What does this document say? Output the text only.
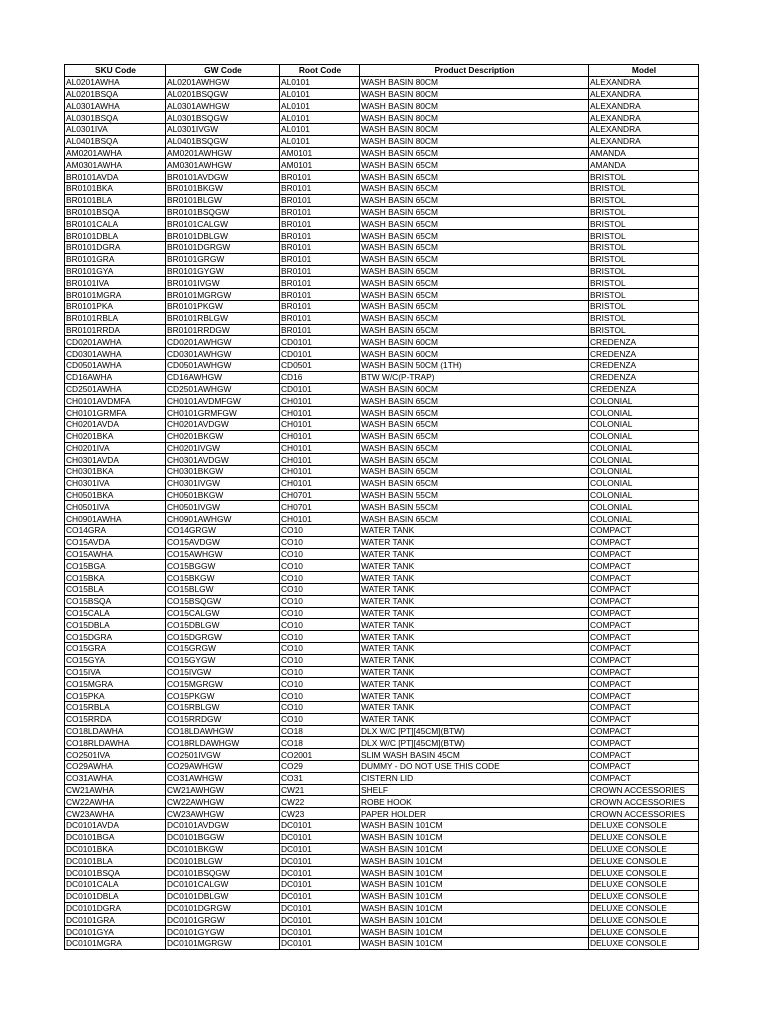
SKU Code	GW Code	Root Code	Product Description	Model
AL0201AWHA	AL0201AWHGW	AL0101	WASH BASIN 80CM	ALEXANDRA
AL0201BSQA	AL0201BSQGW	AL0101	WASH BASIN 80CM	ALEXANDRA
AL0301AWHA	AL0301AWHGW	AL0101	WASH BASIN 80CM	ALEXANDRA
AL0301BSQA	AL0301BSQGW	AL0101	WASH BASIN 80CM	ALEXANDRA
AL0301IVA	AL0301IVGW	AL0101	WASH BASIN 80CM	ALEXANDRA
AL0401BSQA	AL0401BSQGW	AL0101	WASH BASIN 80CM	ALEXANDRA
AM0201AWHA	AM0201AWHGW	AM0101	WASH BASIN 65CM	AMANDA
AM0301AWHA	AM0301AWHGW	AM0101	WASH BASIN 65CM	AMANDA
BR0101AVDA	BR0101AVDGW	BR0101	WASH BASIN 65CM	BRISTOL
BR0101BKA	BR0101BKGW	BR0101	WASH BASIN 65CM	BRISTOL
BR0101BLA	BR0101BLGW	BR0101	WASH BASIN 65CM	BRISTOL
BR0101BSQA	BR0101BSQGW	BR0101	WASH BASIN 65CM	BRISTOL
BR0101CALA	BR0101CALGW	BR0101	WASH BASIN 65CM	BRISTOL
BR0101DBLA	BR0101DBLGW	BR0101	WASH BASIN 65CM	BRISTOL
BR0101DGRA	BR0101DGRGW	BR0101	WASH BASIN 65CM	BRISTOL
BR0101GRA	BR0101GRGW	BR0101	WASH BASIN 65CM	BRISTOL
BR0101GYA	BR0101GYGW	BR0101	WASH BASIN 65CM	BRISTOL
BR0101IVA	BR0101IVGW	BR0101	WASH BASIN 65CM	BRISTOL
BR0101MGRA	BR0101MGRGW	BR0101	WASH BASIN 65CM	BRISTOL
BR0101PKA	BR0101PKGW	BR0101	WASH BASIN 65CM	BRISTOL
BR0101RBLA	BR0101RBLGW	BR0101	WASH BASIN 65CM	BRISTOL
BR0101RRDA	BR0101RRDGW	BR0101	WASH BASIN 65CM	BRISTOL
CD0201AWHA	CD0201AWHGW	CD0101	WASH BASIN 60CM	CREDENZA
CD0301AWHA	CD0301AWHGW	CD0101	WASH BASIN 60CM	CREDENZA
CD0501AWHA	CD0501AWHGW	CD0501	WASH BASIN 50CM (1TH)	CREDENZA
CD16AWHA	CD16AWHGW	CD16	BTW W/C(P-TRAP)	CREDENZA
CD2501AWHA	CD2501AWHGW	CD0101	WASH BASIN 60CM	CREDENZA
CH0101AVDMFA	CH0101AVDMFGW	CH0101	WASH BASIN 65CM	COLONIAL
CH0101GRMFA	CH0101GRMFGW	CH0101	WASH BASIN 65CM	COLONIAL
CH0201AVDA	CH0201AVDGW	CH0101	WASH BASIN 65CM	COLONIAL
CH0201BKA	CH0201BKGW	CH0101	WASH BASIN 65CM	COLONIAL
CH0201IVA	CH0201IVGW	CH0101	WASH BASIN 65CM	COLONIAL
CH0301AVDA	CH0301AVDGW	CH0101	WASH BASIN 65CM	COLONIAL
CH0301BKA	CH0301BKGW	CH0101	WASH BASIN 65CM	COLONIAL
CH0301IVA	CH0301IVGW	CH0101	WASH BASIN 65CM	COLONIAL
CH0501BKA	CH0501BKGW	CH0701	WASH BASIN 55CM	COLONIAL
CH0501IVA	CH0501IVGW	CH0701	WASH BASIN 55CM	COLONIAL
CH0901AWHA	CH0901AWHGW	CH0101	WASH BASIN 65CM	COLONIAL
CO14GRA	CO14GRGW	CO10	WATER TANK	COMPACT
CO15AVDA	CO15AVDGW	CO10	WATER TANK	COMPACT
CO15AWHA	CO15AWHGW	CO10	WATER TANK	COMPACT
CO15BGA	CO15BGGW	CO10	WATER TANK	COMPACT
CO15BKA	CO15BKGW	CO10	WATER TANK	COMPACT
CO15BLA	CO15BLGW	CO10	WATER TANK	COMPACT
CO15BSQA	CO15BSQGW	CO10	WATER TANK	COMPACT
CO15CALA	CO15CALGW	CO10	WATER TANK	COMPACT
CO15DBLA	CO15DBLGW	CO10	WATER TANK	COMPACT
CO15DGRA	CO15DGRGW	CO10	WATER TANK	COMPACT
CO15GRA	CO15GRGW	CO10	WATER TANK	COMPACT
CO15GYA	CO15GYGW	CO10	WATER TANK	COMPACT
CO15IVA	CO15IVGW	CO10	WATER TANK	COMPACT
CO15MGRA	CO15MGRGW	CO10	WATER TANK	COMPACT
CO15PKA	CO15PKGW	CO10	WATER TANK	COMPACT
CO15RBLA	CO15RBLGW	CO10	WATER TANK	COMPACT
CO15RRDA	CO15RRDGW	CO10	WATER TANK	COMPACT
CO18LDAWHA	CO18LDAWHGW	CO18	DLX W/C [PT][45CM](BTW)	COMPACT
CO18RLDAWHA	CO18RLDAWHGW	CO18	DLX W/C [PT][45CM](BTW)	COMPACT
CO2501IVA	CO2501IVGW	CO2001	SLIM WASH BASIN 45CM	COMPACT
CO29AWHA	CO29AWHGW	CO29	DUMMY - DO NOT USE THIS CODE	COMPACT
CO31AWHA	CO31AWHGW	CO31	CISTERN LID	COMPACT
CW21AWHA	CW21AWHGW	CW21	SHELF	CROWN ACCESSORIES
CW22AWHA	CW22AWHGW	CW22	ROBE HOOK	CROWN ACCESSORIES
CW23AWHA	CW23AWHGW	CW23	PAPER HOLDER	CROWN ACCESSORIES
DC0101AVDA	DC0101AVDGW	DC0101	WASH BASIN 101CM	DELUXE CONSOLE
DC0101BGA	DC0101BGGW	DC0101	WASH BASIN 101CM	DELUXE CONSOLE
DC0101BKA	DC0101BKGW	DC0101	WASH BASIN 101CM	DELUXE CONSOLE
DC0101BLA	DC0101BLGW	DC0101	WASH BASIN 101CM	DELUXE CONSOLE
DC0101BSQA	DC0101BSQGW	DC0101	WASH BASIN 101CM	DELUXE CONSOLE
DC0101CALA	DC0101CALGW	DC0101	WASH BASIN 101CM	DELUXE CONSOLE
DC0101DBLA	DC0101DBLGW	DC0101	WASH BASIN 101CM	DELUXE CONSOLE
DC0101DGRA	DC0101DGRGW	DC0101	WASH BASIN 101CM	DELUXE CONSOLE
DC0101GRA	DC0101GRGW	DC0101	WASH BASIN 101CM	DELUXE CONSOLE
DC0101GYA	DC0101GYGW	DC0101	WASH BASIN 101CM	DELUXE CONSOLE
DC0101MGRA	DC0101MGRGW	DC0101	WASH BASIN 101CM	DELUXE CONSOLE
